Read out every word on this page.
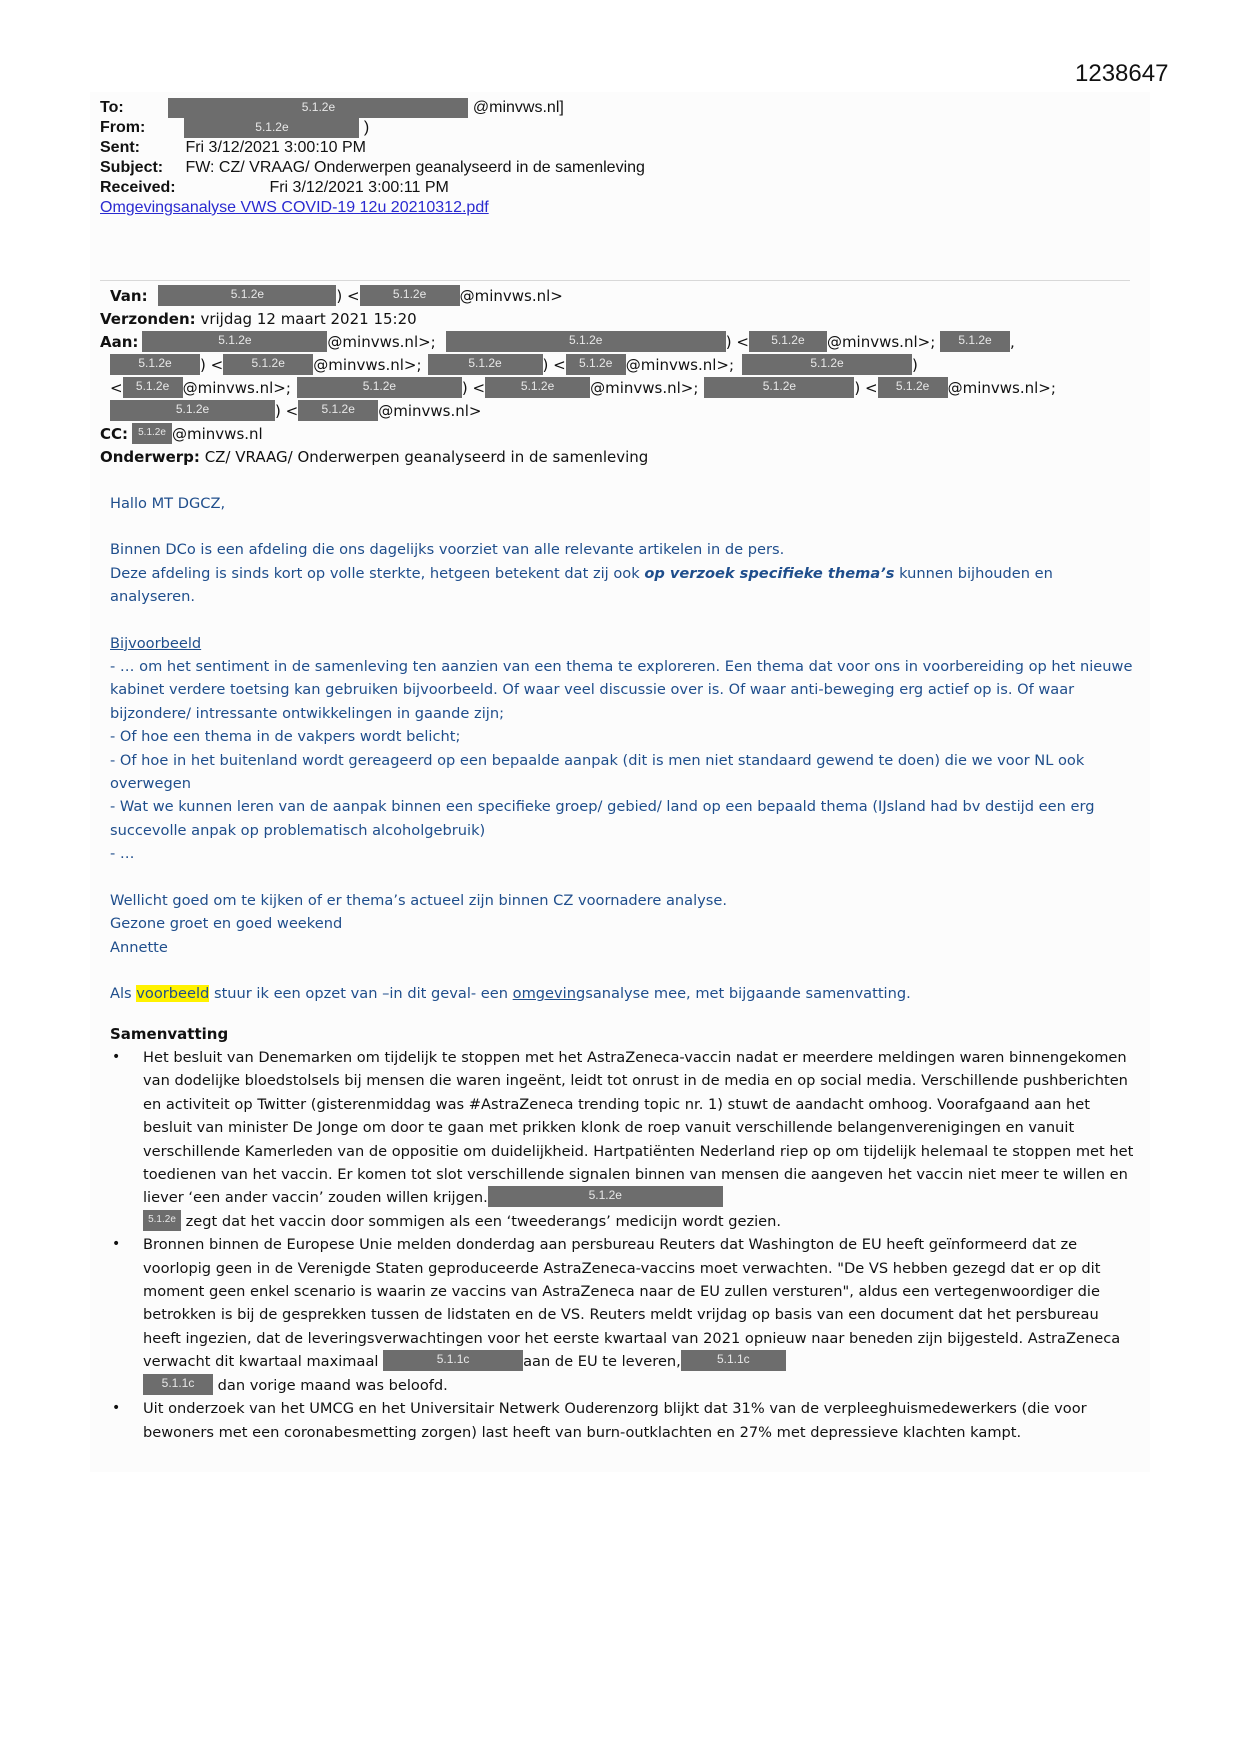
1238647
To:	5.1.2e	@minvws.nl]
From:	5.1.2e	)
Sent:	Fri 3/12/2021 3:00:10 PM
Subject: FW: CZ/ VRAAG/ Onderwerpen geanalyseerd in de samenleving
Received:	Fri 3/12/2021 3:00:11 PM
Omgevingsanalyse VWS COVID-19 12u 20210312.pdf
Van:	5.1.2e	) <	5.1.2e @minvws.nl>
Verzonden: vrijdag 12 maart 2021 15:20
Aan:	5.1.2e	@minvws.nl>;	5.1.2e	) < 5.1.2e @minvws.nl>; 5.1.2e ,
5.1.2e ) < 5.1.2e @minvws.nl>;	5.1.2e	) < 5.1.2e @minvws.nl>;	5.1.2e	)
< 5.1.2e @minvws.nl>;	5.1.2e	) <	5.1.2e @minvws.nl>;	5.1.2e	) < 5.1.2e @minvws.nl>;
5.1.2e	) < 5.1.2e @minvws.nl>
CC: 5.1.2e @minvws.nl
Onderwerp: CZ/ VRAAG/ Onderwerpen geanalyseerd in de samenleving

Hallo MT DGCZ,

Binnen DCo is een afdeling die ons dagelijks voorziet van alle relevante artikelen in de pers.

Deze afdeling is sinds kort op volle sterkte, hetgeen betekent dat zij ook op verzoek specifieke thema’s kunnen bijhouden en analyseren.

Bijvoorbeeld

- … om het sentiment in de samenleving ten aanzien van een thema te exploreren. Een thema dat voor ons in voorbereiding op het nieuwe kabinet verdere toetsing kan gebruiken bijvoorbeeld. Of waar veel discussie over is. Of waar anti-beweging erg actief op is. Of waar bijzondere/ intressante ontwikkelingen in gaande zijn;

- Of hoe een thema in de vakpers wordt belicht;

- Of hoe in het buitenland wordt gereageerd op een bepaalde aanpak (dit is men niet standaard gewend te doen) die we voor NL ook overwegen

- Wat we kunnen leren van de aanpak binnen een specifieke groep/ gebied/ land op een bepaald thema (IJsland had bv destijd een erg succevolle anpak op problematisch alcoholgebruik)

- …

Wellicht goed om te kijken of er thema’s actueel zijn binnen CZ voornadere analyse.

Gezone groet en goed weekend

Annette

Als voorbeeld stuur ik een opzet van –in dit geval- een omgevingsanalyse mee, met bijgaande samenvatting.

Samenvatting
• Het besluit van Denemarken om tijdelijk te stoppen met het AstraZeneca-vaccin nadat er meerdere meldingen waren binnengekomen van dodelijke bloedstolsels bij mensen die waren ingeënt, leidt tot onrust in de media en op social media. Verschillende pushberichten en activiteit op Twitter (gisterenmiddag was #AstraZeneca trending topic nr. 1) stuwt de aandacht omhoog. Voorafgaand aan het besluit van minister De Jonge om door te gaan met prikken klonk de roep vanuit verschillende belangenverenigingen en vanuit verschillende Kamerleden van de oppositie om duidelijkheid. Hartpatiënten Nederland riep op om tijdelijk helemaal te stoppen met het toedienen van het vaccin. Er komen tot slot verschillende signalen binnen van mensen die aangeven het vaccin niet meer te willen en liever ‘een ander vaccin’ zouden willen krijgen.	5.1.2e
5.1.2e zegt dat het vaccin door sommigen als een ‘tweederangs’ medicijn wordt gezien.
• Bronnen binnen de Europese Unie melden donderdag aan persbureau Reuters dat Washington de EU heeft geïnformeerd dat ze voorlopig geen in de Verenigde Staten geproduceerde AstraZeneca-vaccins moet verwachten. "De VS hebben gezegd dat er op dit moment geen enkel scenario is waarin ze vaccins van AstraZeneca naar de EU zullen versturen", aldus een vertegenwoordiger die betrokken is bij de gesprekken tussen de lidstaten en de VS. Reuters meldt vrijdag op basis van een document dat het persbureau heeft ingezien, dat de leveringsverwachtingen voor het eerste kwartaal van 2021 opnieuw naar beneden zijn bijgesteld. AstraZeneca verwacht dit kwartaal maximaal	5.1.1c	aan de EU te leveren,	5.1.1c
5.1.1c dan vorige maand was beloofd.
• Uit onderzoek van het UMCG en het Universitair Netwerk Ouderenzorg blijkt dat 31% van de verpleeghuismedewerkers (die voor bewoners met een coronabesmetting zorgen) last heeft van burn-outklachten en 27% met depressieve klachten kampt.
